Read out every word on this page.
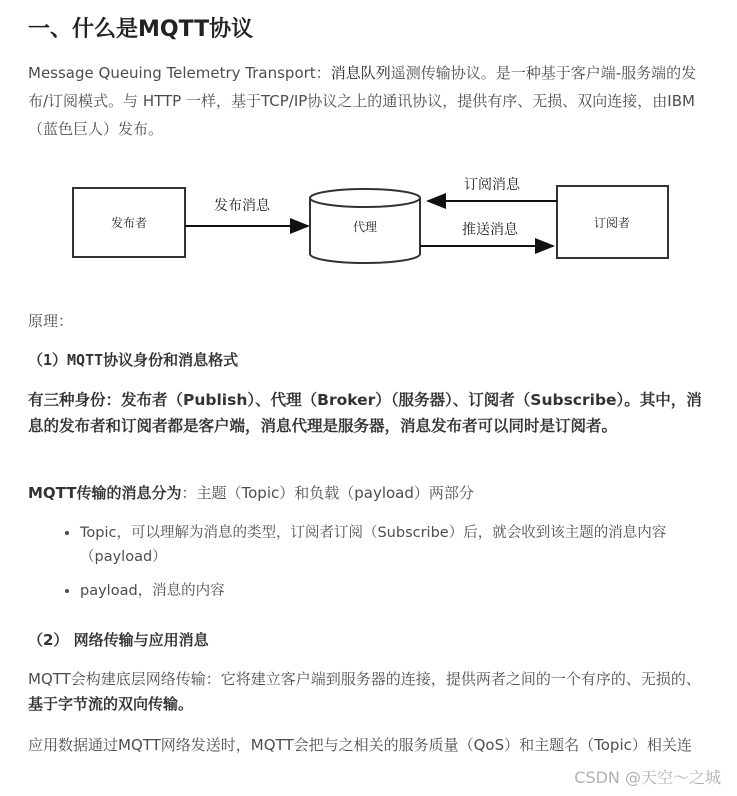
一、什么是MQTT协议

Message Queuing Telemetry Transport：消息队列遥测传输协议。是一种基于客户端-服务端的发布/订阅模式。与 HTTP 一样，基于TCP/IP协议之上的通讯协议，提供有序、无损、双向连接，由IBM（蓝色巨人）发布。

发布者	代理	订阅者
发布消息
订阅消息
推送消息

原理：

（1）MQTT协议身份和消息格式

有三种身份：发布者（Publish）、代理（Broker）（服务器）、订阅者（Subscribe）。其中，消息的发布者和订阅者都是客户端，消息代理是服务器，消息发布者可以同时是订阅者。

MQTT传输的消息分为：主题（Topic）和负载（payload）两部分

• Topic，可以理解为消息的类型，订阅者订阅（Subscribe）后，就会收到该主题的消息内容（payload）
• payload，消息的内容
（2） 网络传输与应用消息

MQTT会构建底层网络传输：它将建立客户端到服务器的连接，提供两者之间的一个有序的、无损的、基于字节流的双向传输。

应用数据通过MQTT网络发送时，MQTT会把与之相关的服务质量（QoS）和主题名（Topic）相关连

CSDN @天空～之城
